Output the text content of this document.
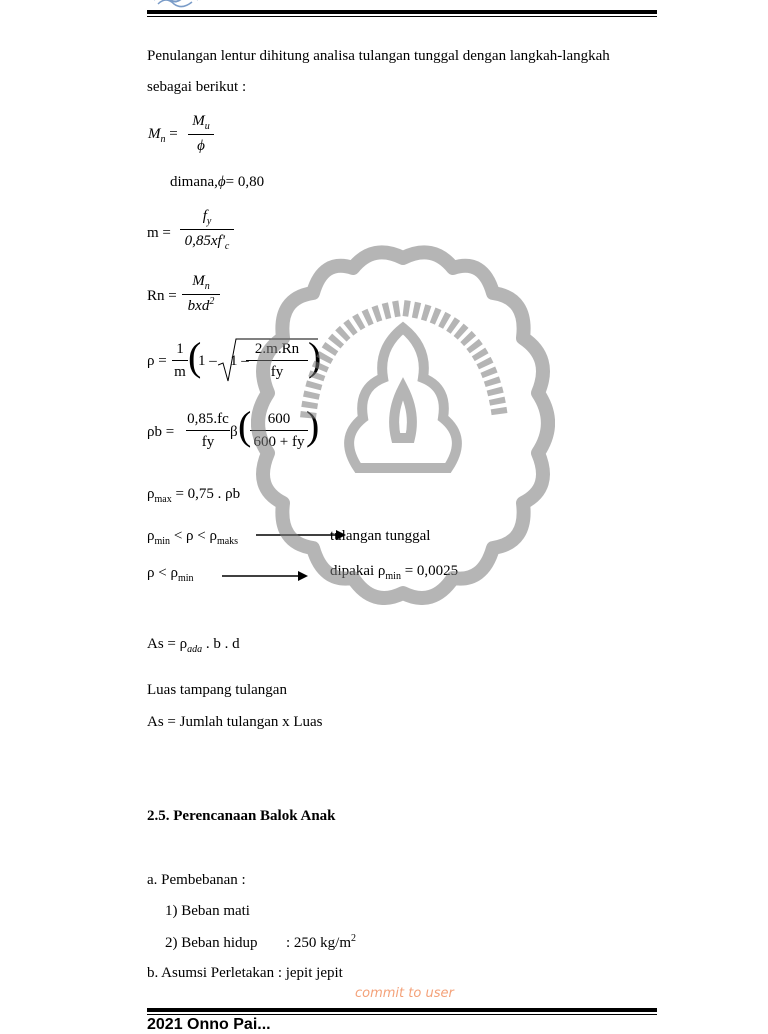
Penulangan lentur dihitung analisa tulangan tunggal dengan langkah-langkah
sebagai berikut :
$M_n$ =
$M_u$
ϕ
dimana,ϕ= 0,80
m =
$f_y$
$0,85xf'_c$
Rn =
$M_n$
bxd$^2$
ρ =
1
m (
1 – 1 –
2.m.Rn
fy )
ρb =
0,85.fc
fy
β (	600
600 + fy )
$\rho_{max} = 0,75$ . ρb
$\rho_{min} < \rho < \rho_{maks}$	tulangan tunggal
$\rho < \rho_{min}$	dipakai $\rho_{min} = 0,0025$
$As = \rho_{ada}$ . b . d
Luas tampang tulangan
As = Jumlah tulangan x Luas
2.5. Perencanaan Balok Anak
a. Pembebanan :
1) Beban mati
2) Beban hidup : 250 $kg/m^2$
b. Asumsi Perletakan : jepit jepit
commit to user
2021 Onno Pai...
